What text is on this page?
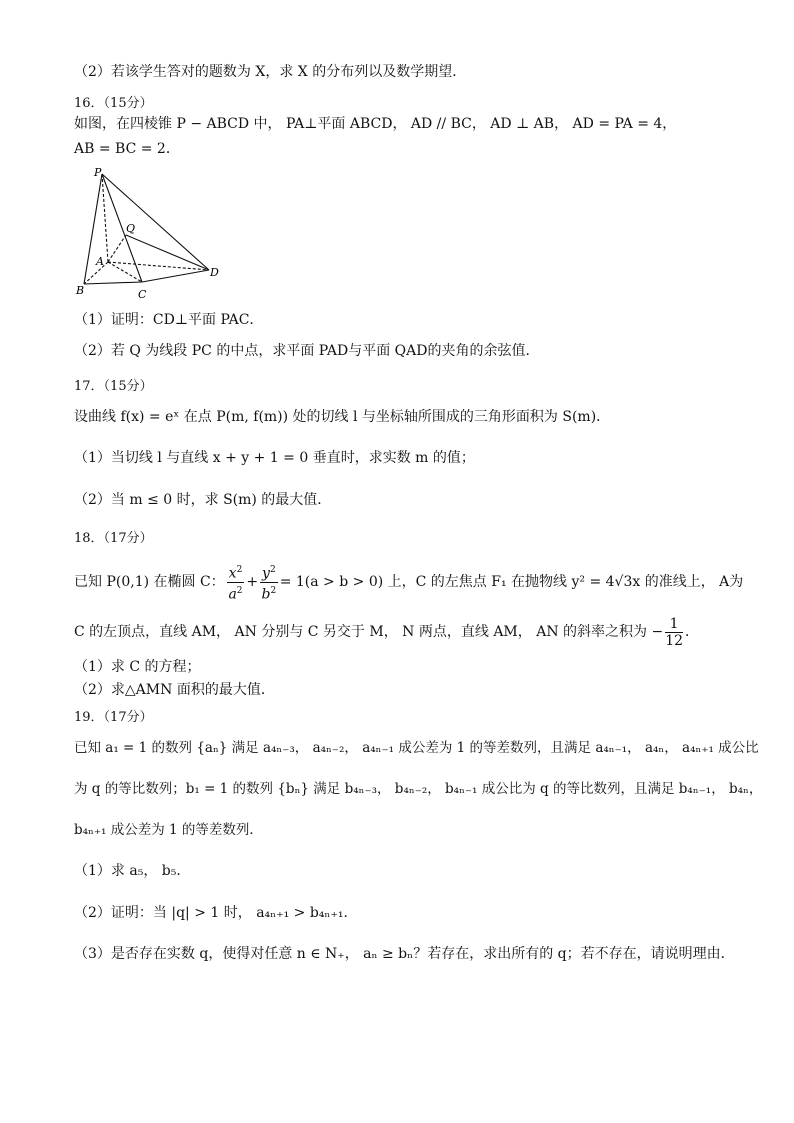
（2）若该学生答对的题数为 X，求 X 的分布列以及数学期望．
16．（15分）
如图，在四棱锥 P − ABCD 中， PA⊥平面 ABCD， AD // BC， AD ⊥ AB， AD = PA = 4，
AB = BC = 2．
P
Q
A
B	C
D
（1）证明：CD⊥平面 PAC．
（2）若 Q 为线段 PC 的中点，求平面 PAD与平面 QAD的夹角的余弦值．
17．（15分）
设曲线 f(x) = eˣ 在点 P(m, f(m)) 处的切线 l 与坐标轴所围成的三角形面积为 S(m)．
（1）当切线 l 与直线 x + y + 1 = 0 垂直时，求实数 m 的值；
（2）当 m ≤ 0 时，求 S(m) 的最大值．
18．（17分）
已知 P(0,1) 在椭圆 C： $\frac{x^2}{a^2} + \frac{y^2}{b^2} = 1(a > b > 0)$ 上，C 的左焦点 F₁ 在抛物线 y² = 4√3x 的准线上， A为
C 的左顶点，直线 AM， AN 分别与 C 另交于 M， N 两点，直线 AM， AN 的斜率之积为 − $\frac{1}{12}$ ．
（1）求 C 的方程；
（2）求△AMN 面积的最大值．
19．（17分）
已知 a₁ = 1 的数列 {aₙ} 满足 a₄ₙ₋₃， a₄ₙ₋₂， a₄ₙ₋₁ 成公差为 1 的等差数列，且满足 a₄ₙ₋₁， a₄ₙ， a₄ₙ₊₁ 成公比
为 q 的等比数列；b₁ = 1 的数列 {bₙ} 满足 b₄ₙ₋₃， b₄ₙ₋₂， b₄ₙ₋₁ 成公比为 q 的等比数列，且满足 b₄ₙ₋₁， b₄ₙ，
b₄ₙ₊₁ 成公差为 1 的等差数列．
（1）求 a₅， b₅．
（2）证明：当 |q| > 1 时， a₄ₙ₊₁ > b₄ₙ₊₁．
（3）是否存在实数 q，使得对任意 n ∈ N₊， aₙ ≥ bₙ？若存在，求出所有的 q；若不存在，请说明理由．
